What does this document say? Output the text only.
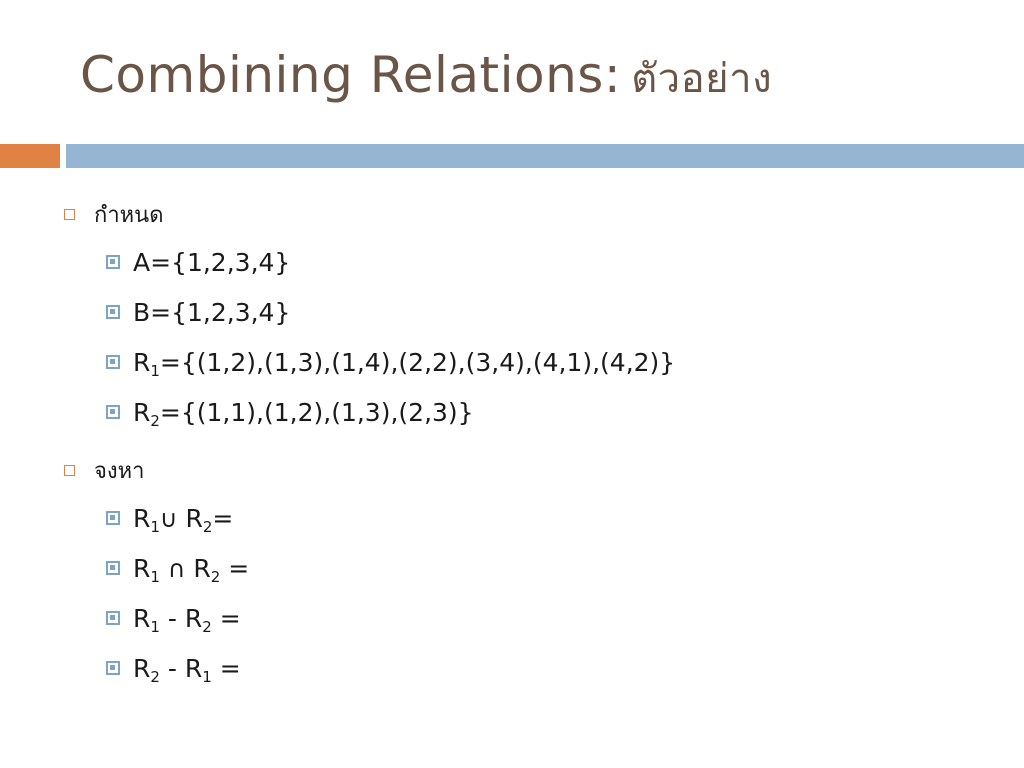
Combining Relations: ตัวอย่าง
กำหนด
A={1,2,3,4}
B={1,2,3,4}
$R_1=\{(1,2),(1,3),(1,4),(2,2),(3,4),(4,1),(4,2)\}$
$R_2=\{(1,1),(1,2),(1,3),(2,3)\}$
จงหา
$R_1\cup$ $R_2=$
$R_1$ ∩ $R_2$ =
$R_1 - R_2$ =
$R_2 - R_1$ =
